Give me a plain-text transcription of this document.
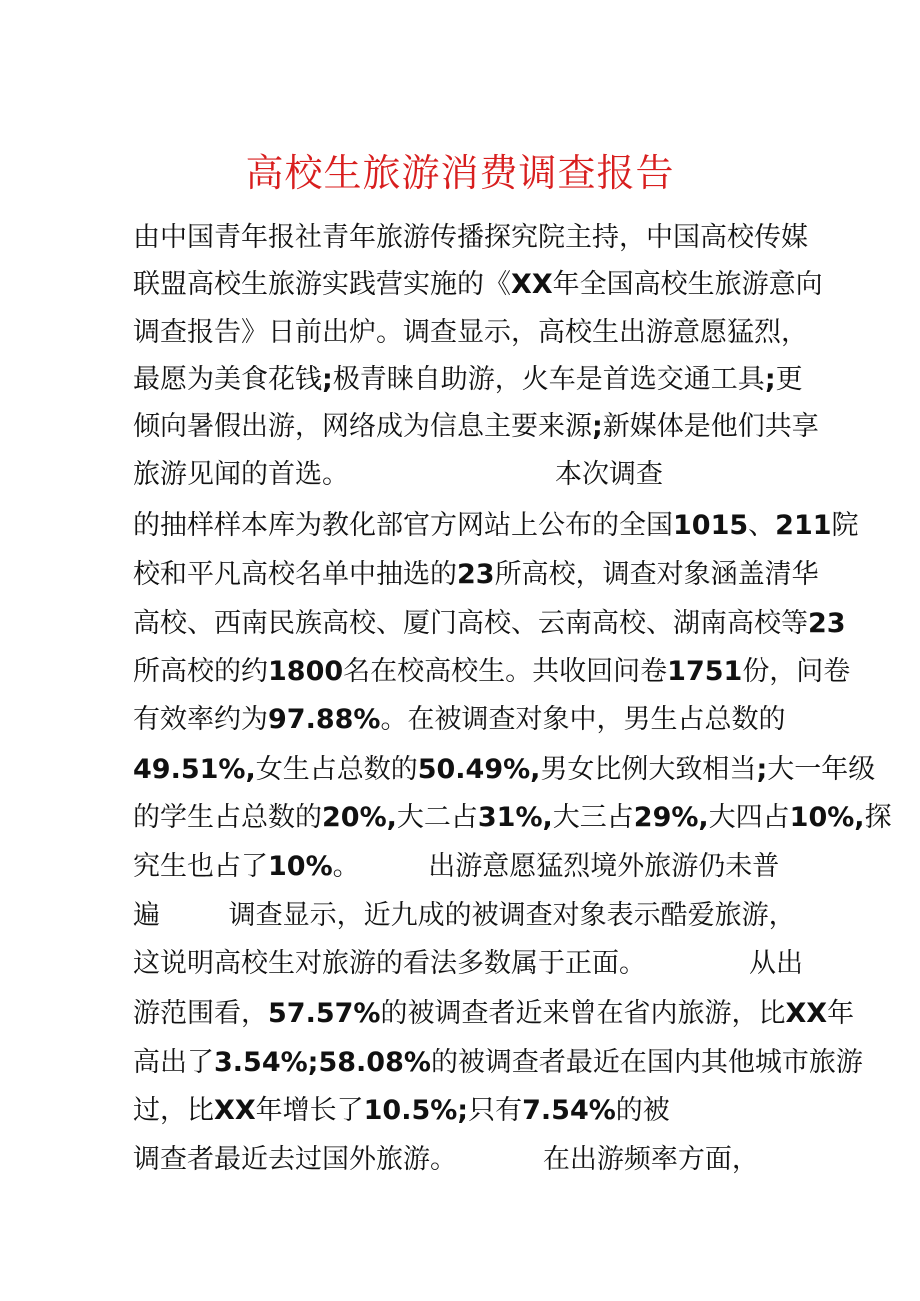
高校生旅游消费调查报告
由中国青年报社青年旅游传播探究院主持，中国高校传媒
联盟高校生旅游实践营实施的《XX年全国高校生旅游意向
调查报告》日前出炉。调查显示，高校生出游意愿猛烈，
最愿为美食花钱;极青睐自助游，火车是首选交通工具;更
倾向暑假出游，网络成为信息主要来源;新媒体是他们共享
旅游见闻的首选。                        本次调查
的抽样样本库为教化部官方网站上公布的全国1015、211院
校和平凡高校名单中抽选的23所高校，调查对象涵盖清华
高校、西南民族高校、厦门高校、云南高校、湖南高校等23
所高校的约1800名在校高校生。共收回问卷1751份，问卷
有效率约为97.88%。在被调查对象中，男生占总数的
49.51%,女生占总数的50.49%,男女比例大致相当;大一年级
的学生占总数的20%,大二占31%,大三占29%,大四占10%,探
究生也占了10%。        出游意愿猛烈境外旅游仍未普
遍        调查显示，近九成的被调查对象表示酷爱旅游，
这说明高校生对旅游的看法多数属于正面。            从出
游范围看，57.57%的被调查者近来曾在省内旅游，比XX年
高出了3.54%;58.08%的被调查者最近在国内其他城市旅游
过，比XX年增长了10.5%;只有7.54%的被
调查者最近去过国外旅游。          在出游频率方面，
